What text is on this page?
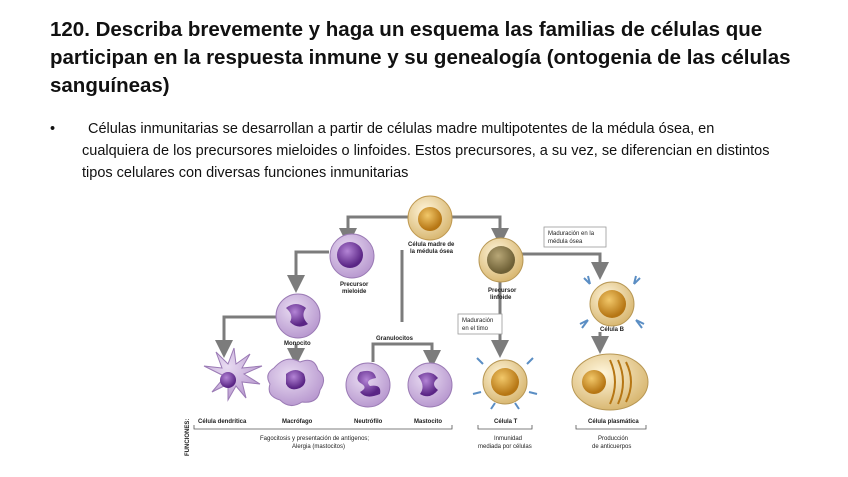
120. Describa brevemente y haga un esquema las familias de células que participan en la respuesta inmune y su genealogía (ontogenia de las células sanguíneas)
•	Células inmunitarias se desarrollan a partir de células madre multipotentes de la médula ósea, en cualquiera de los precursores mieloides o linfoides. Estos precursores, a su vez, se diferencian en distintos tipos celulares con diversas funciones inmunitarias
Maduración en la
médula ósea
Maduración
en el timo
Célula madre de
la médula ósea
Precursor
mieloide	Precursor
linfoide
Célula B
Monocito
Granulocitos
Célula dendrítica	Macrófago	Neutrófilo	Mastocito	Célula T	Célula plasmática
FUNCIONES:	Fagocitosis y presentación de antígenos;
Alergia (mastocitos)
Inmunidad
mediada por células
Producción
de anticuerpos
